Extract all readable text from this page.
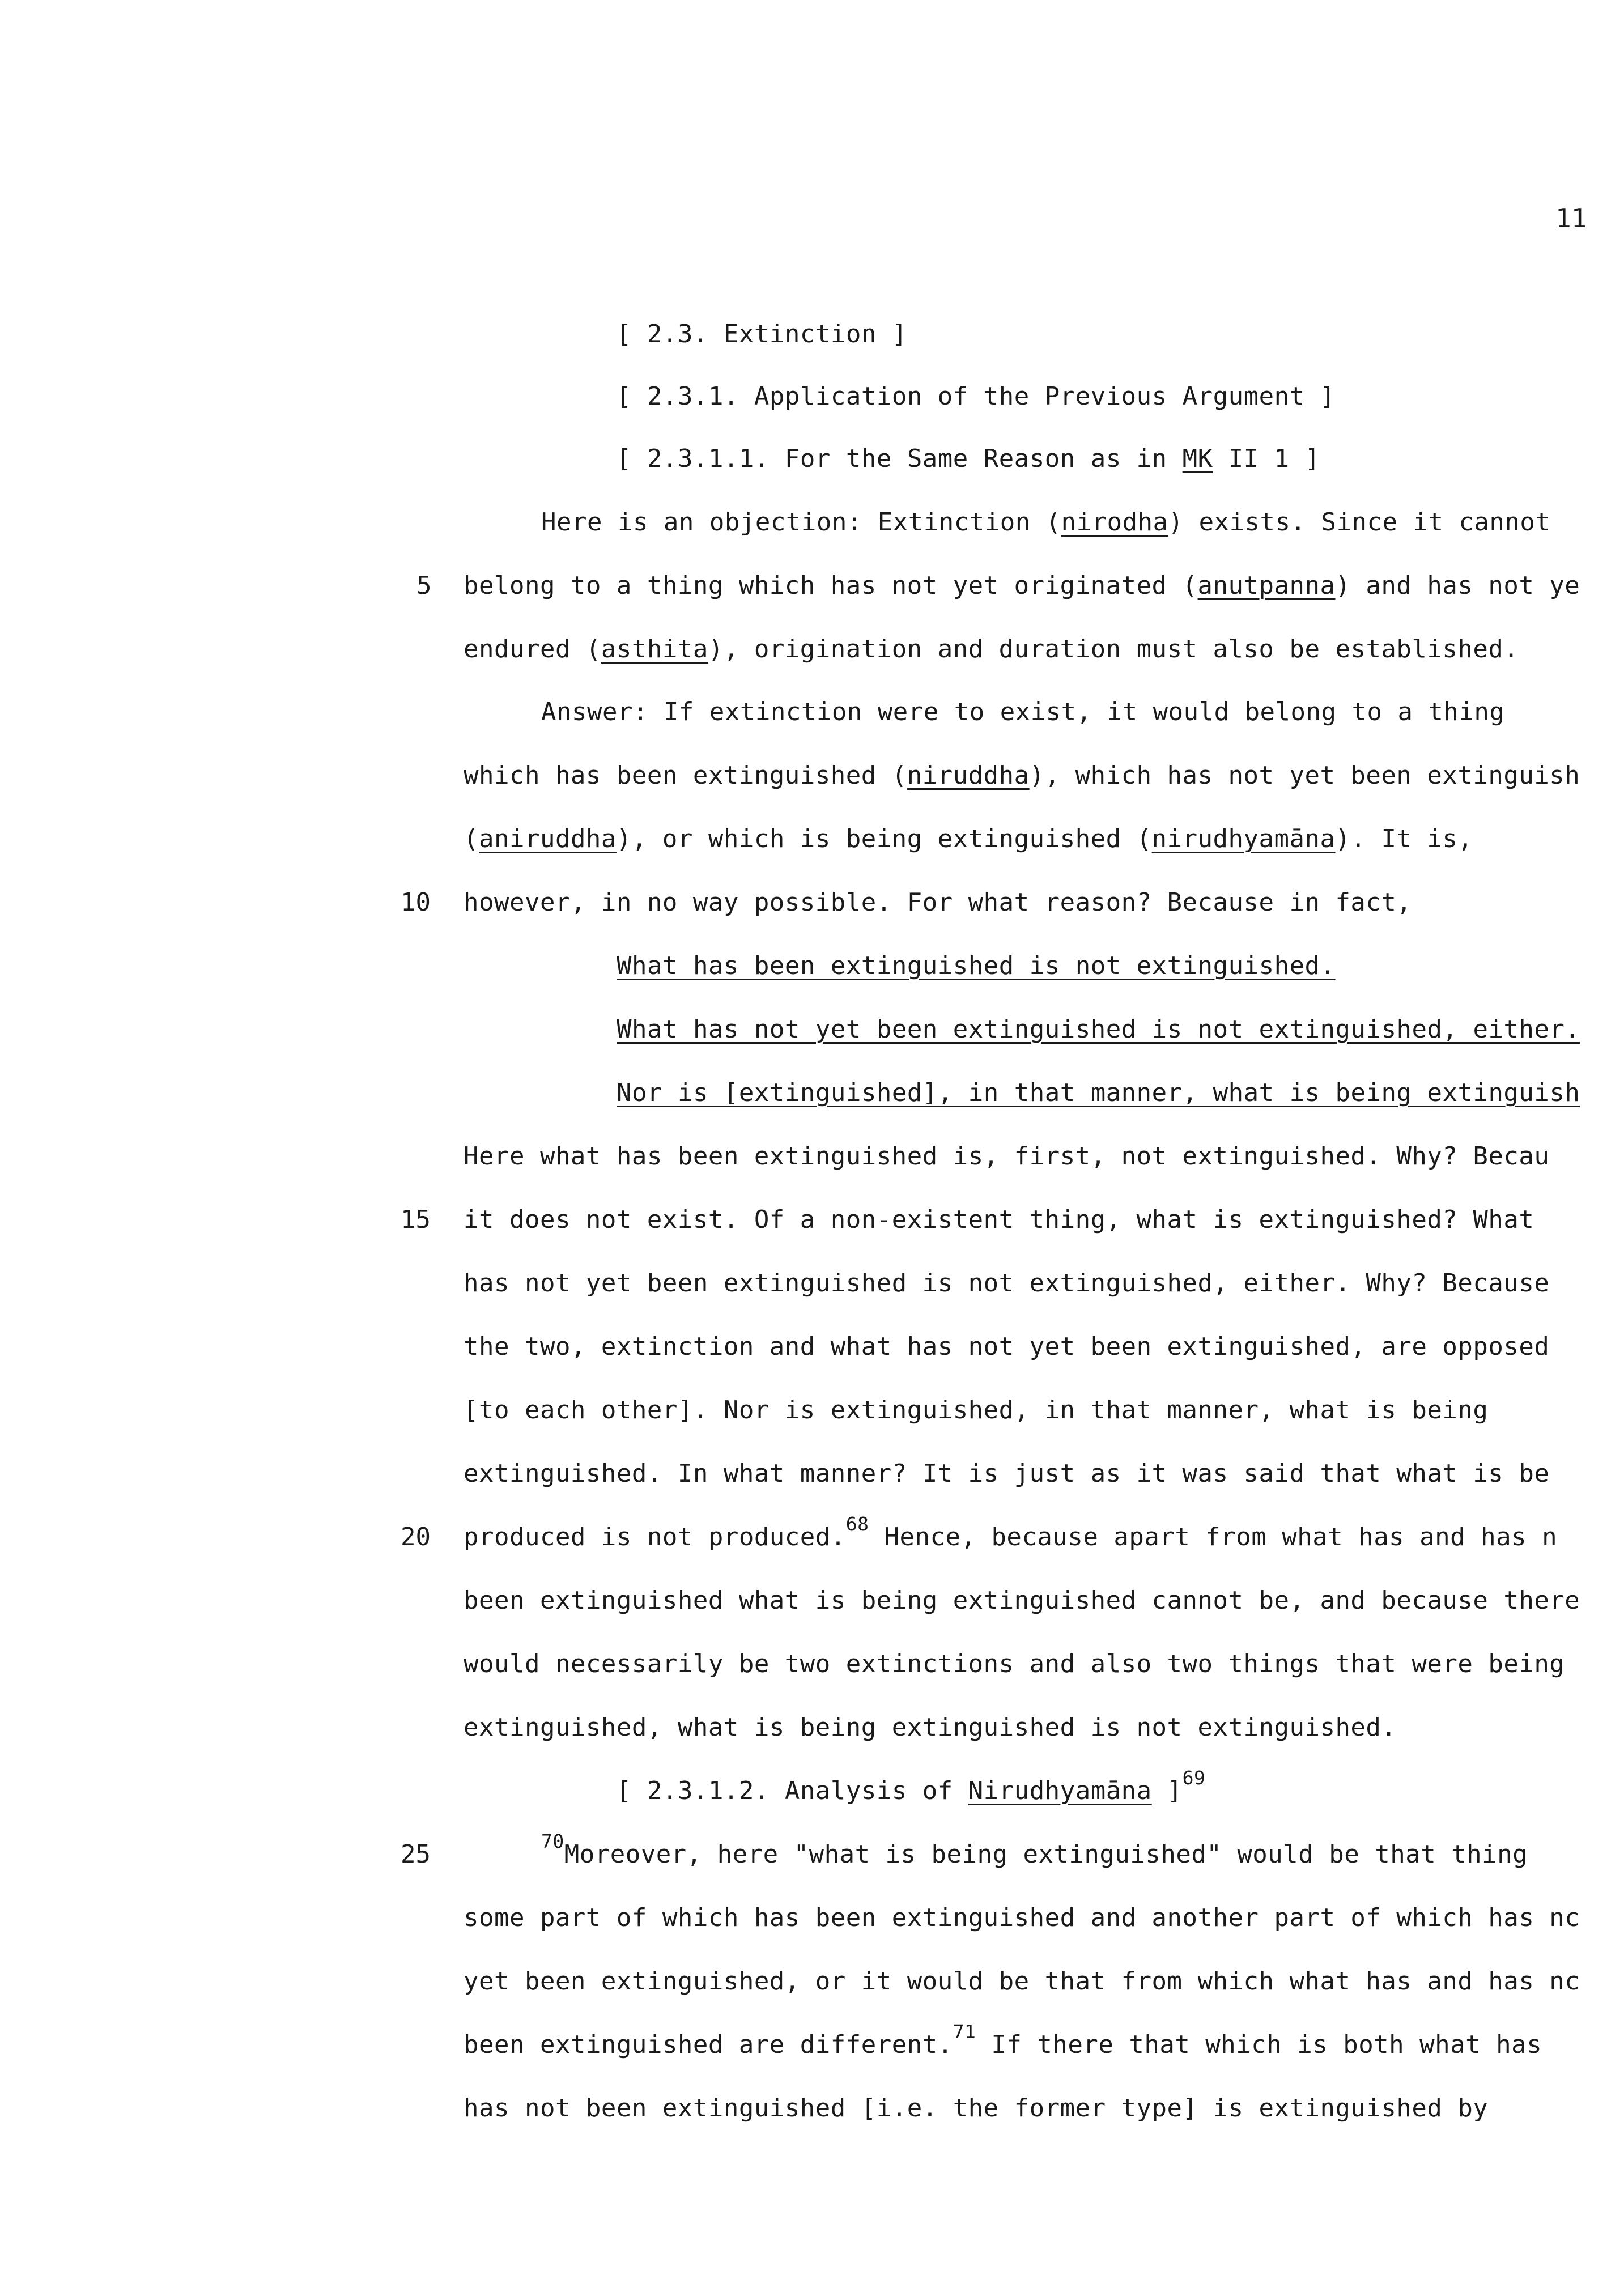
11
[ 2.3. Extinction ]
[ 2.3.1. Application of the Previous Argument ]
[ 2.3.1.1. For the Same Reason as in MK II 1 ]
Here is an objection: Extinction (nirodha) exists. Since it cannot
5 belong to a thing which has not yet originated (anutpanna) and has not ye
endured (asthita), origination and duration must also be established.
Answer: If extinction were to exist, it would belong to a thing
which has been extinguished (niruddha), which has not yet been extinguish
(aniruddha), or which is being extinguished (nirudhyamāna). It is,
10 however, in no way possible. For what reason? Because in fact,
What has been extinguished is not extinguished.
What has not yet been extinguished is not extinguished, either.
Nor is [extinguished], in that manner, what is being extinguish
Here what has been extinguished is, first, not extinguished. Why? Becau
15 it does not exist. Of a non-existent thing, what is extinguished? What
has not yet been extinguished is not extinguished, either. Why? Because
the two, extinction and what has not yet been extinguished, are opposed
[to each other]. Nor is extinguished, in that manner, what is being
extinguished. In what manner? It is just as it was said that what is be
20 produced is not produced.$^{68}$ Hence, because apart from what has and has n
been extinguished what is being extinguished cannot be, and because there
would necessarily be two extinctions and also two things that were being
extinguished, what is being extinguished is not extinguished.
[ 2.3.1.2. Analysis of Nirudhyamāna ]$^{69}$
25	$^{70}$Moreover, here "what is being extinguished" would be that thing
some part of which has been extinguished and another part of which has nc
yet been extinguished, or it would be that from which what has and has nc
been extinguished are different.$^{71}$ If there that which is both what has
has not been extinguished [i.e. the former type] is extinguished by
